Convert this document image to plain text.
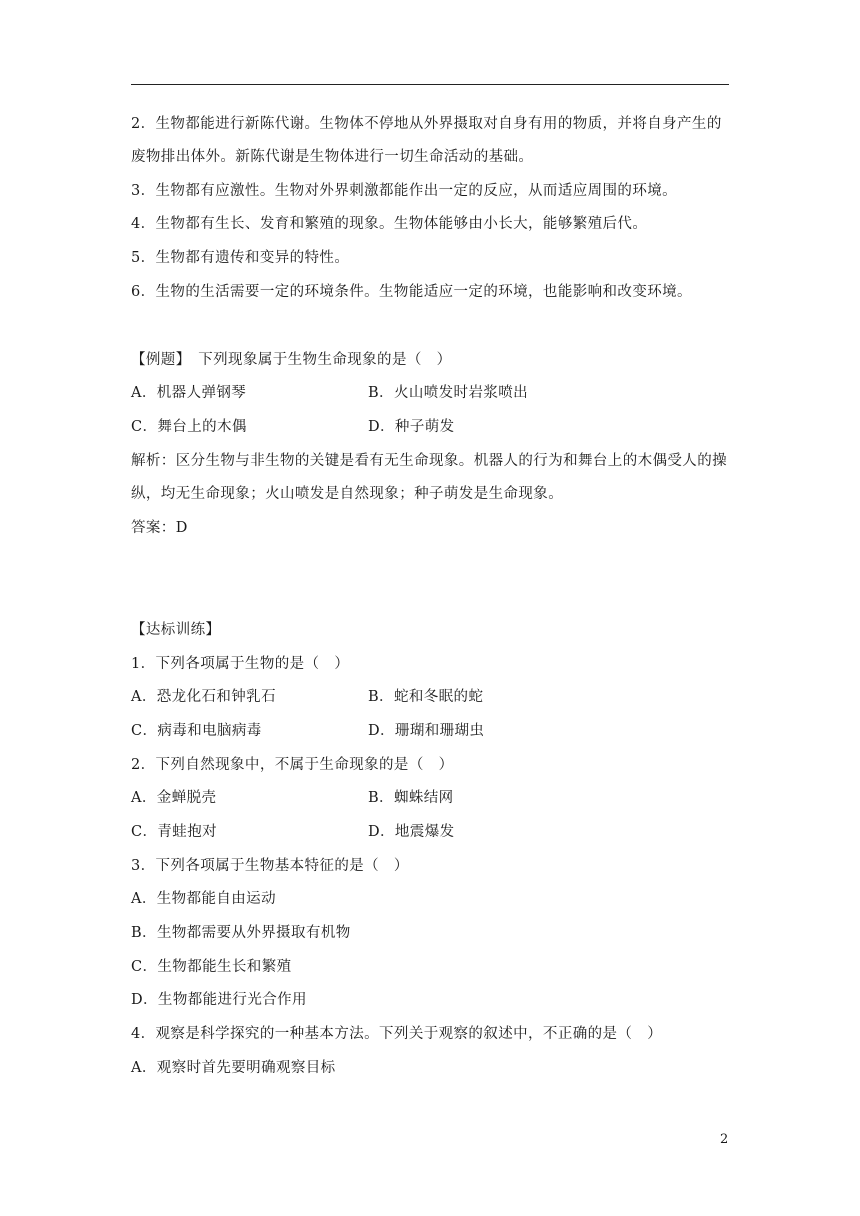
2．生物都能进行新陈代谢。生物体不停地从外界摄取对自身有用的物质，并将自身产生的
废物排出体外。新陈代谢是生物体进行一切生命活动的基础。
3．生物都有应激性。生物对外界刺激都能作出一定的反应，从而适应周围的环境。
4．生物都有生长、发育和繁殖的现象。生物体能够由小长大，能够繁殖后代。
5．生物都有遗传和变异的特性。
6．生物的生活需要一定的环境条件。生物能适应一定的环境，也能影响和改变环境。
【例题】　下列现象属于生物生命现象的是（　）
A．机器人弹钢琴	B．火山喷发时岩浆喷出
C．舞台上的木偶	D．种子萌发
解析：区分生物与非生物的关键是看有无生命现象。机器人的行为和舞台上的木偶受人的操
纵，均无生命现象；火山喷发是自然现象；种子萌发是生命现象。
答案：D
【达标训练】
1．下列各项属于生物的是（　）
A．恐龙化石和钟乳石	B．蛇和冬眠的蛇
C．病毒和电脑病毒	D．珊瑚和珊瑚虫
2．下列自然现象中，不属于生命现象的是（　）
A．金蝉脱壳	B．蜘蛛结网
C．青蛙抱对	D．地震爆发
3．下列各项属于生物基本特征的是（　）
A．生物都能自由运动
B．生物都需要从外界摄取有机物
C．生物都能生长和繁殖
D．生物都能进行光合作用
4．观察是科学探究的一种基本方法。下列关于观察的叙述中，不正确的是（　）
A．观察时首先要明确观察目标
2
